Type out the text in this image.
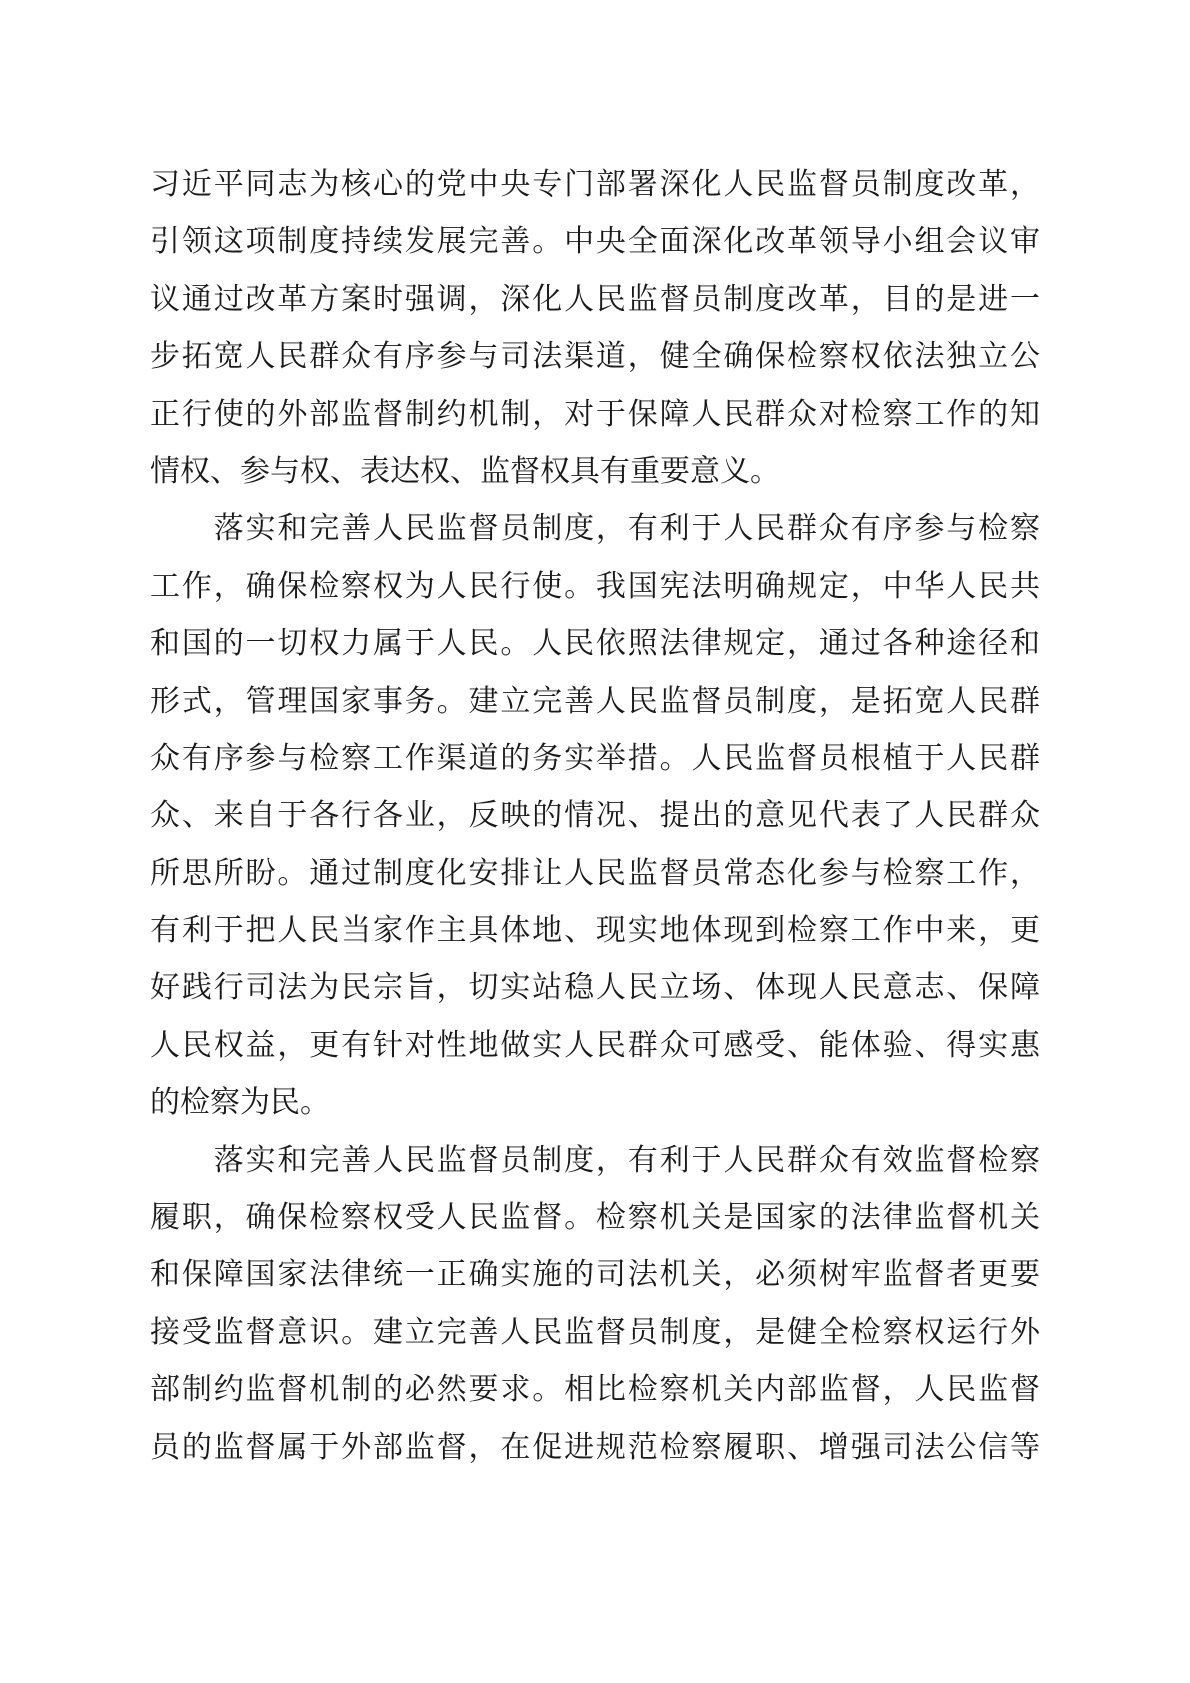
习近平同志为核心的党中央专门部署深化人民监督员制度改革，
引领这项制度持续发展完善。中央全面深化改革领导小组会议审
议通过改革方案时强调，深化人民监督员制度改革，目的是进一
步拓宽人民群众有序参与司法渠道，健全确保检察权依法独立公
正行使的外部监督制约机制，对于保障人民群众对检察工作的知
情权、参与权、表达权、监督权具有重要意义。
　　落实和完善人民监督员制度，有利于人民群众有序参与检察
工作，确保检察权为人民行使。我国宪法明确规定，中华人民共
和国的一切权力属于人民。人民依照法律规定，通过各种途径和
形式，管理国家事务。建立完善人民监督员制度，是拓宽人民群
众有序参与检察工作渠道的务实举措。人民监督员根植于人民群
众、来自于各行各业，反映的情况、提出的意见代表了人民群众
所思所盼。通过制度化安排让人民监督员常态化参与检察工作，
有利于把人民当家作主具体地、现实地体现到检察工作中来，更
好践行司法为民宗旨，切实站稳人民立场、体现人民意志、保障
人民权益，更有针对性地做实人民群众可感受、能体验、得实惠
的检察为民。
　　落实和完善人民监督员制度，有利于人民群众有效监督检察
履职，确保检察权受人民监督。检察机关是国家的法律监督机关
和保障国家法律统一正确实施的司法机关，必须树牢监督者更要
接受监督意识。建立完善人民监督员制度，是健全检察权运行外
部制约监督机制的必然要求。相比检察机关内部监督，人民监督
员的监督属于外部监督，在促进规范检察履职、增强司法公信等
